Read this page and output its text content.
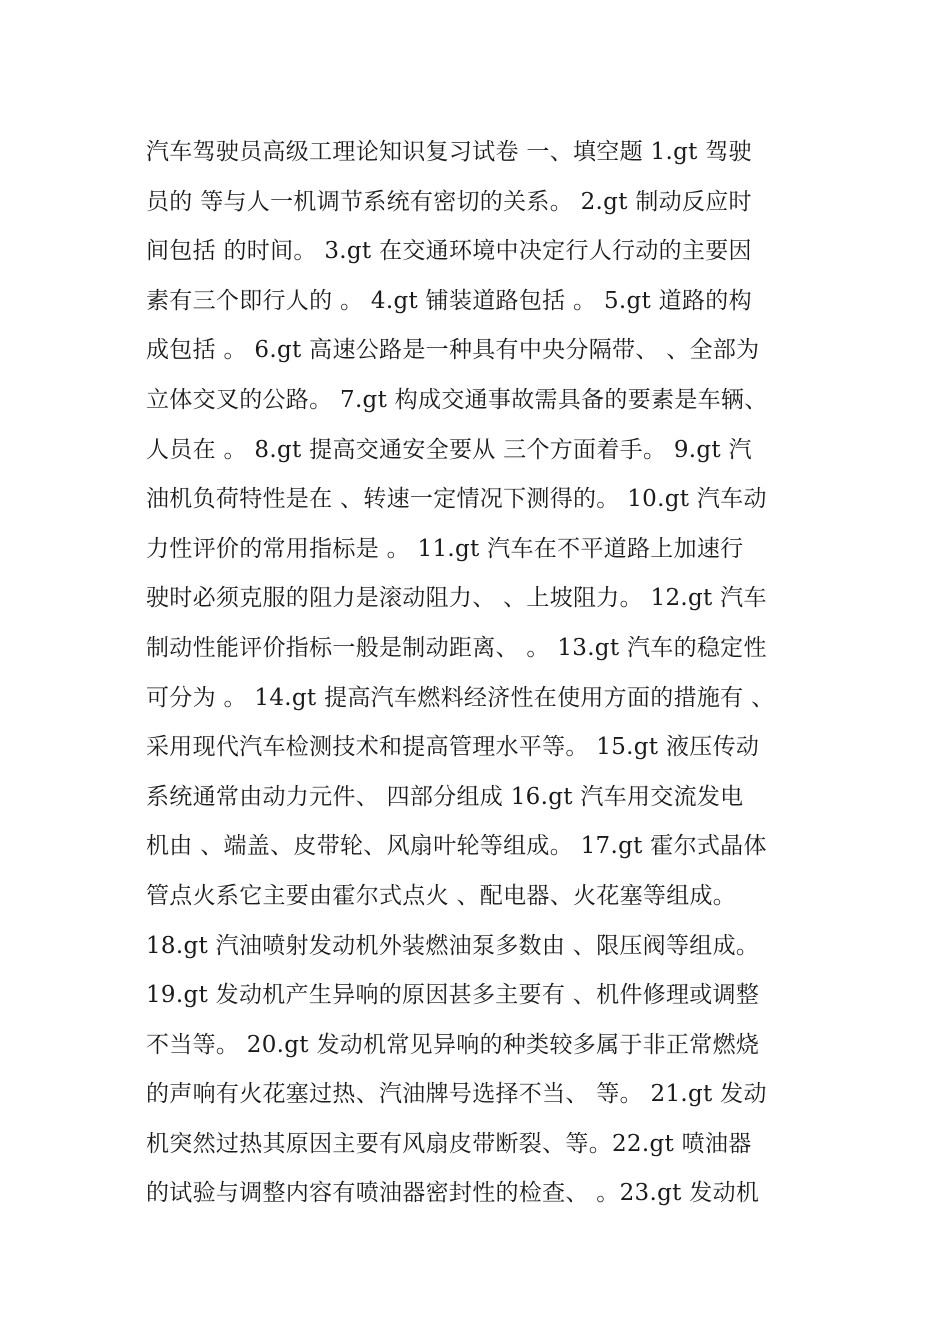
汽车驾驶员高级工理论知识复习试卷 一、填空题 1.gt 驾驶
员的 等与人一机调节系统有密切的关系。 2.gt 制动反应时
间包括 的时间。 3.gt 在交通环境中决定行人行动的主要因
素有三个即行人的 。 4.gt 铺装道路包括 。 5.gt 道路的构
成包括 。 6.gt 高速公路是一种具有中央分隔带、 、全部为
立体交叉的公路。 7.gt 构成交通事故需具备的要素是车辆、
人员在 。 8.gt 提高交通安全要从 三个方面着手。 9.gt 汽
油机负荷特性是在 、转速一定情况下测得的。 10.gt 汽车动
力性评价的常用指标是 。 11.gt 汽车在不平道路上加速行
驶时必须克服的阻力是滚动阻力、 、上坡阻力。 12.gt 汽车
制动性能评价指标一般是制动距离、 。 13.gt 汽车的稳定性
可分为 。 14.gt 提高汽车燃料经济性在使用方面的措施有 、
采用现代汽车检测技术和提高管理水平等。 15.gt 液压传动
系统通常由动力元件、 四部分组成 16.gt 汽车用交流发电
机由 、端盖、皮带轮、风扇叶轮等组成。 17.gt 霍尔式晶体
管点火系它主要由霍尔式点火 、配电器、火花塞等组成。
18.gt 汽油喷射发动机外装燃油泵多数由 、限压阀等组成。
19.gt 发动机产生异响的原因甚多主要有 、机件修理或调整
不当等。 20.gt 发动机常见异响的种类较多属于非正常燃烧
的声响有火花塞过热、汽油牌号选择不当、 等。 21.gt 发动
机突然过热其原因主要有风扇皮带断裂、等。22.gt 喷油器
的试验与调整内容有喷油器密封性的检查、 。23.gt 发动机
